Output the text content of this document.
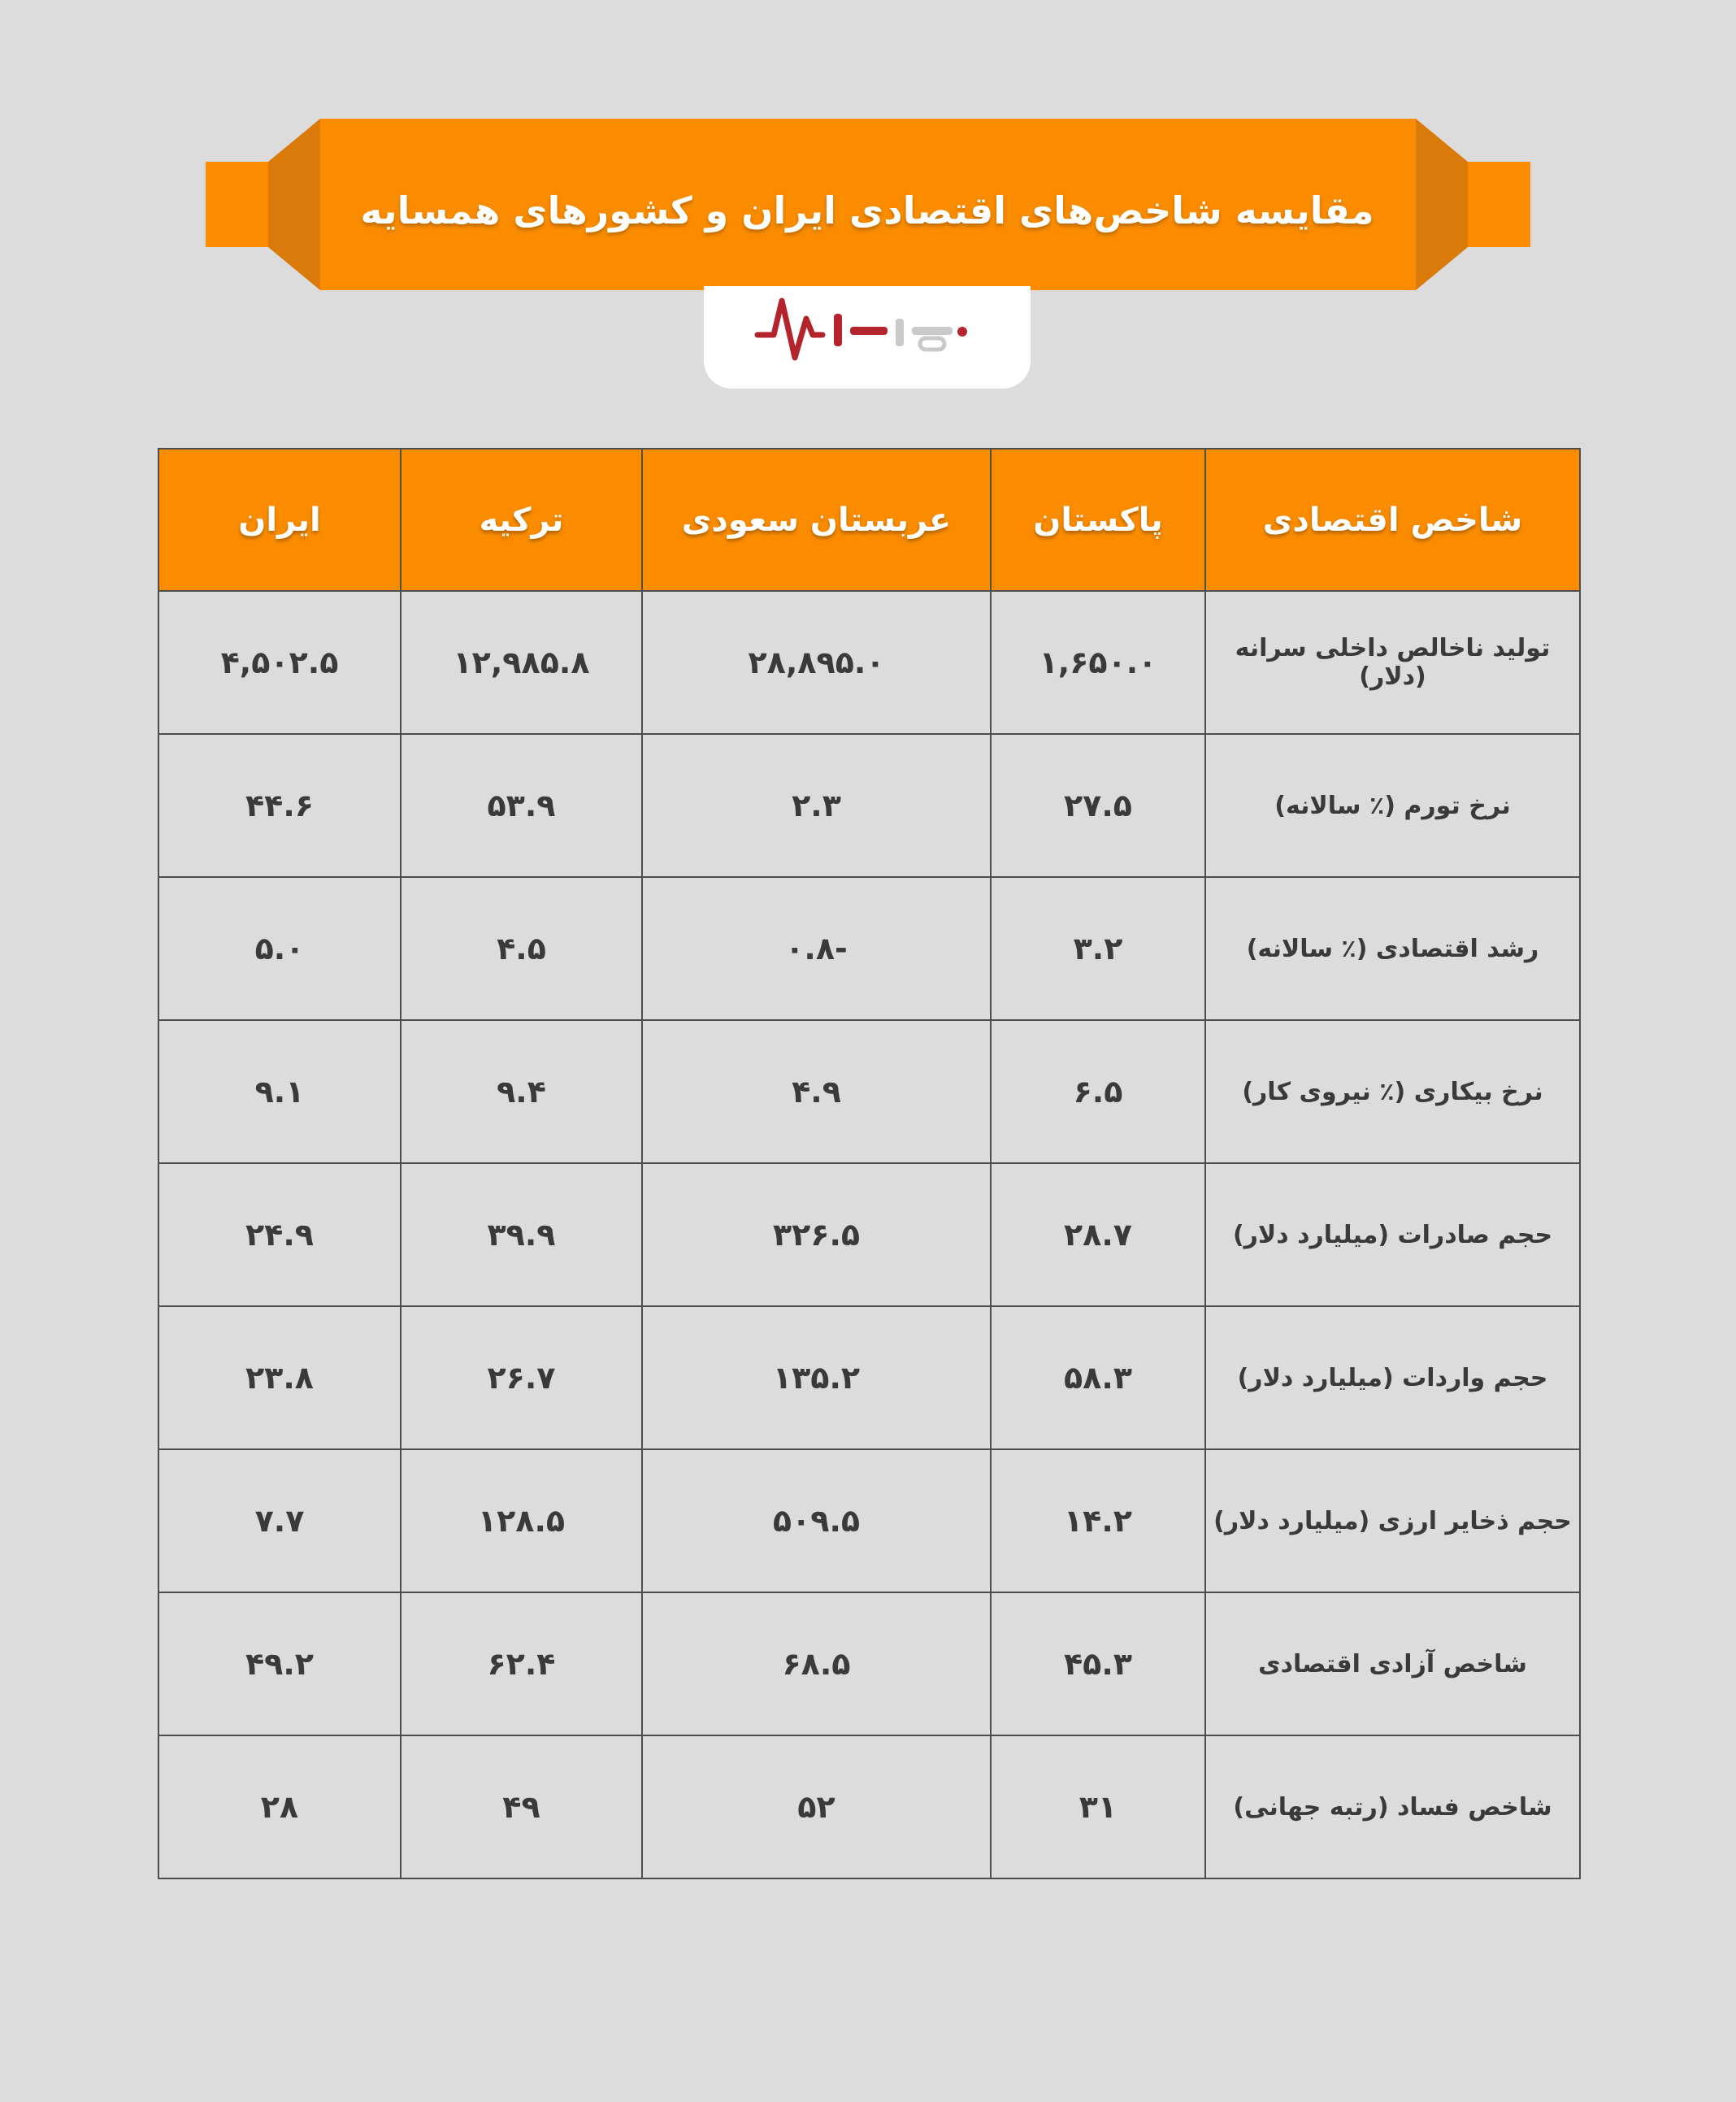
مقایسه شاخص‌های اقتصادی ایران و کشورهای همسایه
شاخص اقتصادی	پاکستان	عربستان سعودی	ترکیه	ایران
تولید ناخالص داخلی سرانه (دلار)	۱,۶۵۰.۰	۲۸,۸۹۵.۰	۱۲,۹۸۵.۸	۴,۵۰۲.۵
نرخ تورم (٪ سالانه)	۲۷.۵	۲.۳	۵۳.۹	۴۴.۶
رشد اقتصادی (٪ سالانه)	۳.۲	-۰.۸	۴.۵	۵.۰
نرخ بیکاری (٪ نیروی کار)	۶.۵	۴.۹	۹.۴	۹.۱
حجم صادرات (میلیارد دلار)	۲۸.۷	۳۲۶.۵	۳۹.۹	۲۴.۹
حجم واردات (میلیارد دلار)	۵۸.۳	۱۳۵.۲	۲۶.۷	۲۳.۸
حجم ذخایر ارزی (میلیارد دلار)	۱۴.۲	۵۰۹.۵	۱۲۸.۵	۷.۷
شاخص آزادی اقتصادی	۴۵.۳	۶۸.۵	۶۲.۴	۴۹.۲
شاخص فساد (رتبه جهانی)	۳۱	۵۲	۴۹	۲۸
